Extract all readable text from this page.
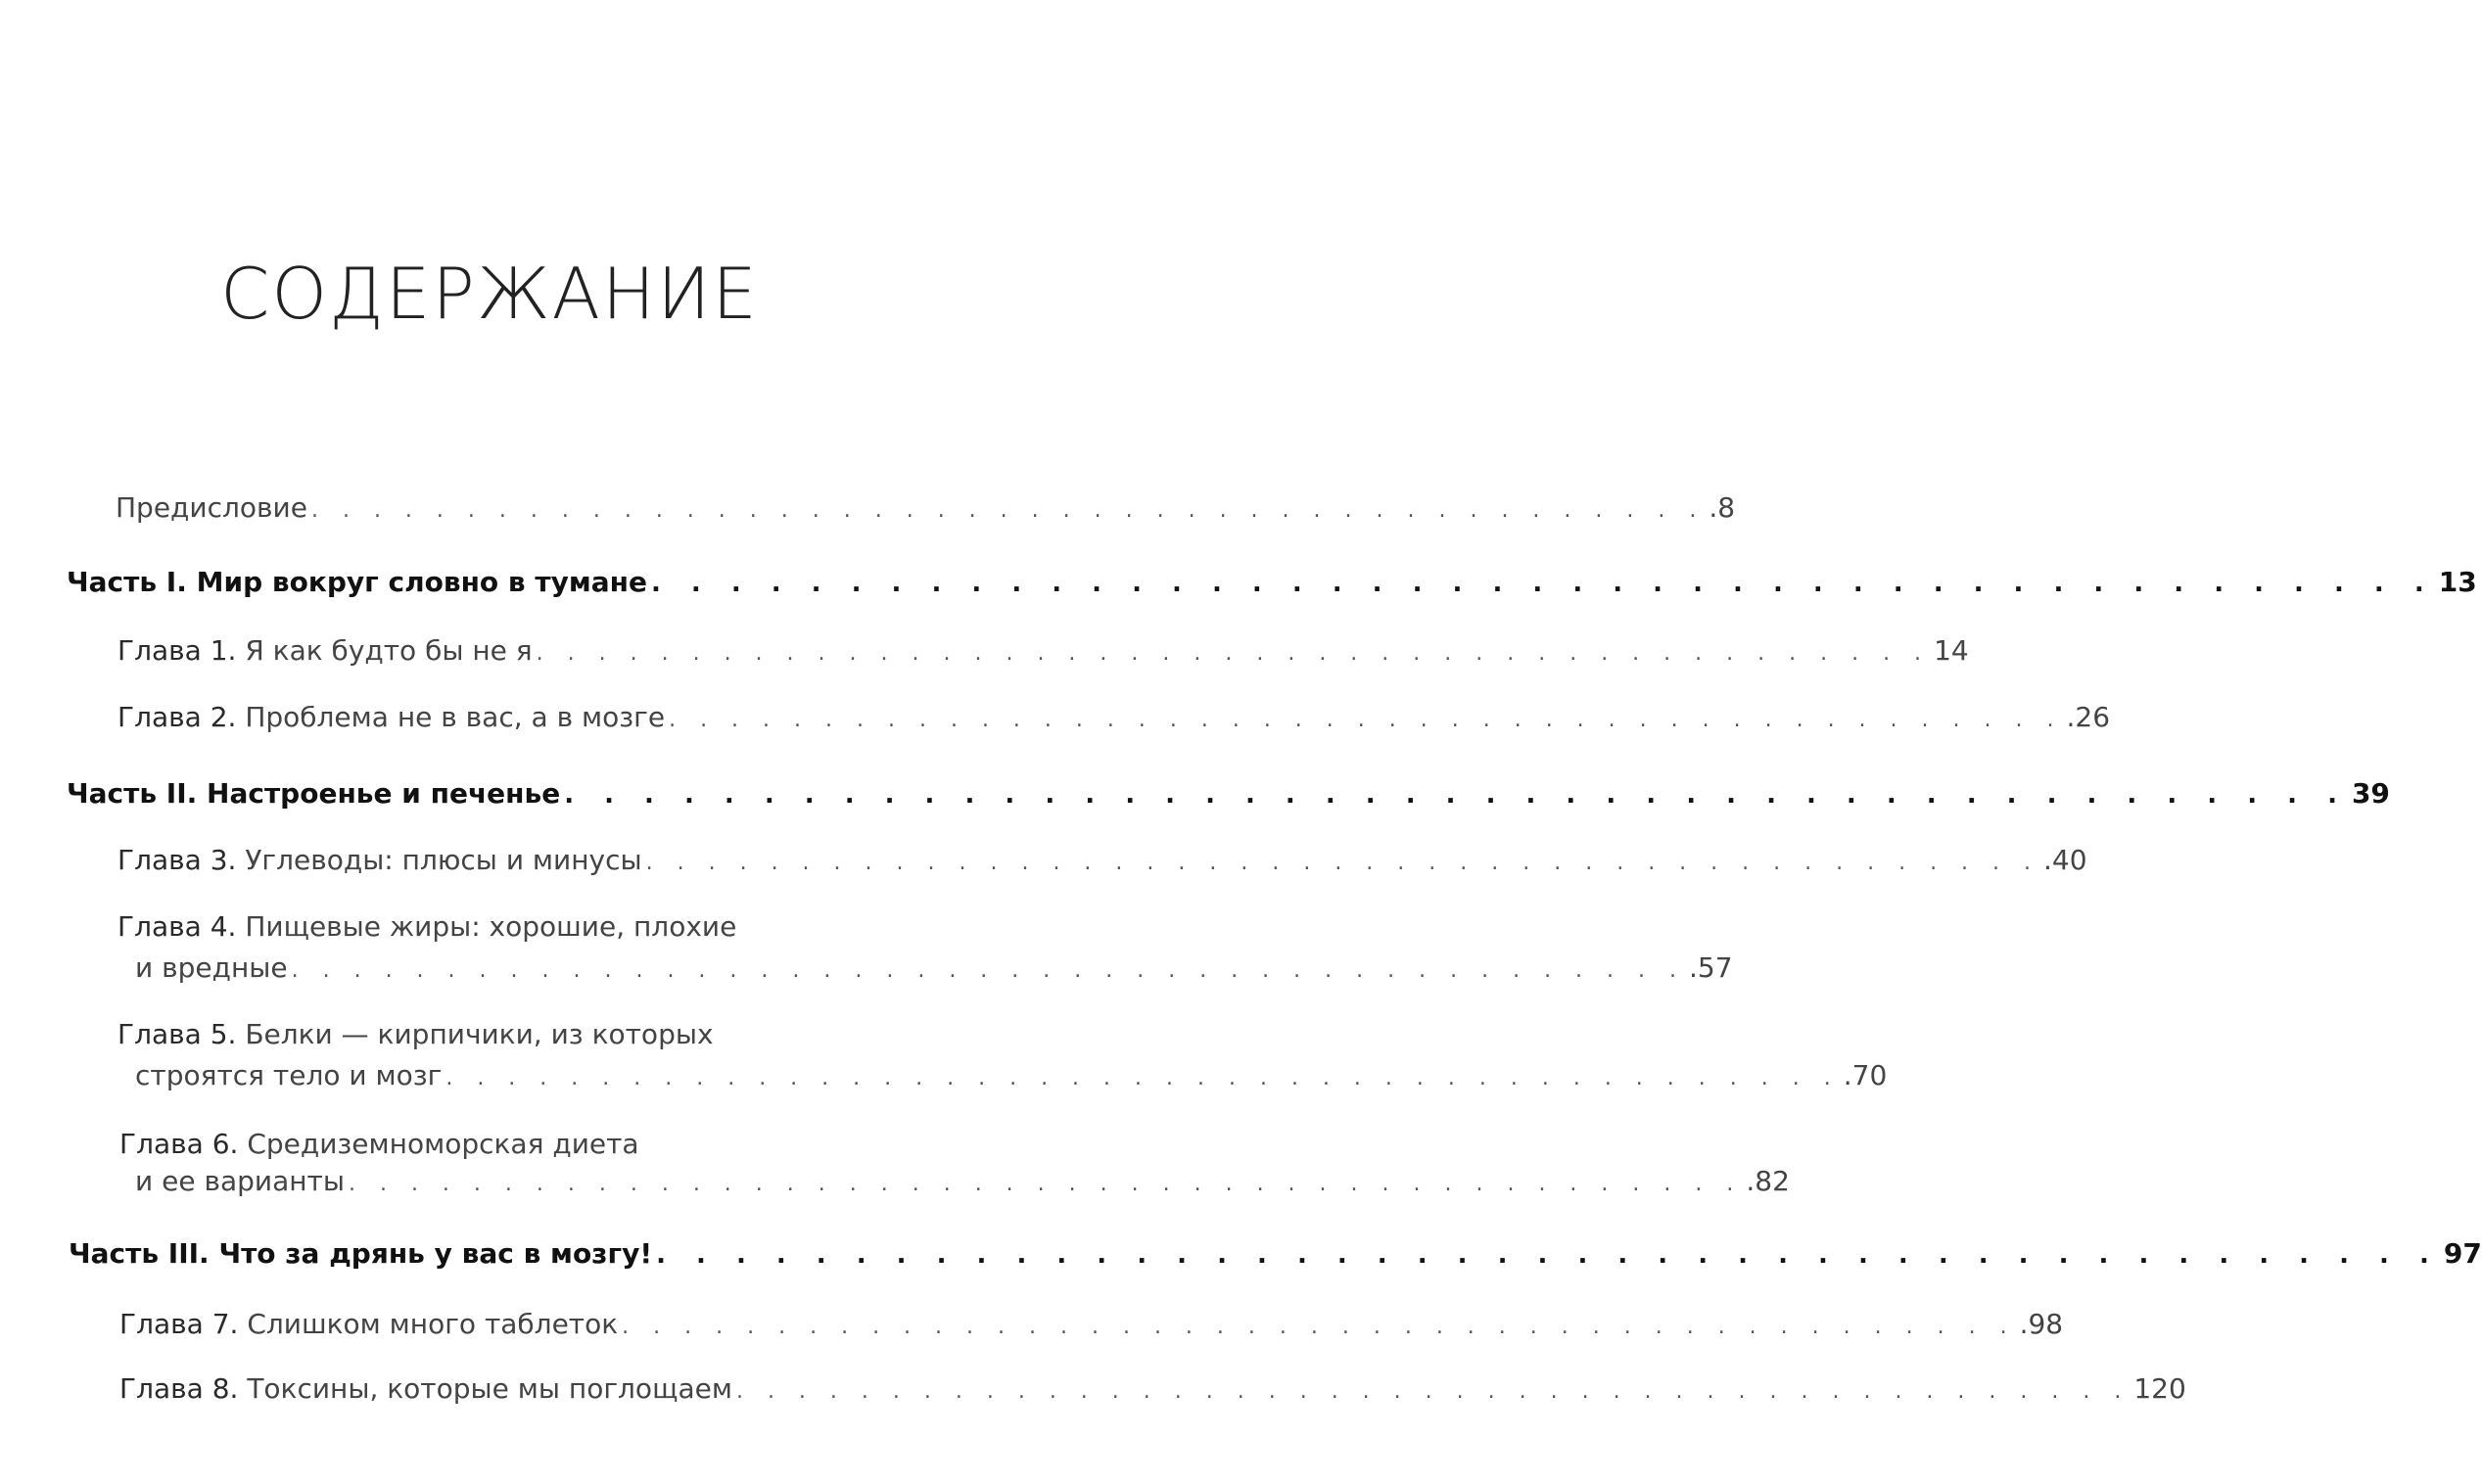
СОДЕРЖАНИЕ
Предисловие . . . . . . . . . . . . . . . . . . . . . . . . . . . . . . . . . . . . . . . . . . . . . .8
Часть I. Мир вокруг словно в тумане . . . . . . . . . . . . . . . . . . . . . . . . . . . . . . . . . . . . . . . . . . . . . 13
Глава 1.
Я как будто бы не я . . . . . . . . . . . . . . . . . . . . . . . . . . . . . . . . . . . . . . . . . . . . . 14
Глава 2.
Проблема не в вас, а в мозге . . . . . . . . . . . . . . . . . . . . . . . . . . . . . . . . . . . . . . . . . . . . . .26
Часть II. Настроенье и печенье . . . . . . . . . . . . . . . . . . . . . . . . . . . . . . . . . . . . . . . . . . . . . 39
Глава 3.
Углеводы: плюсы и минусы . . . . . . . . . . . . . . . . . . . . . . . . . . . . . . . . . . . . . . . . . . . . . .40
Глава 4. Пищевые жиры: хорошие, плохие
и вредные . . . . . . . . . . . . . . . . . . . . . . . . . . . . . . . . . . . . . . . . . . . . . .57
Глава 5. Белки — кирпичики, из которых
строятся тело и мозг . . . . . . . . . . . . . . . . . . . . . . . . . . . . . . . . . . . . . . . . . . . . . .70
Глава 6. Средиземноморская диета
и ее варианты . . . . . . . . . . . . . . . . . . . . . . . . . . . . . . . . . . . . . . . . . . . . . .82
Часть III. Что за дрянь у вас в мозгу! . . . . . . . . . . . . . . . . . . . . . . . . . . . . . . . . . . . . . . . . . . . . . 97
Глава 7.
Слишком много таблеток . . . . . . . . . . . . . . . . . . . . . . . . . . . . . . . . . . . . . . . . . . . . . .98
Глава 8.
Токсины, которые мы поглощаем . . . . . . . . . . . . . . . . . . . . . . . . . . . . . . . . . . . . . . . . . . . . . 120
